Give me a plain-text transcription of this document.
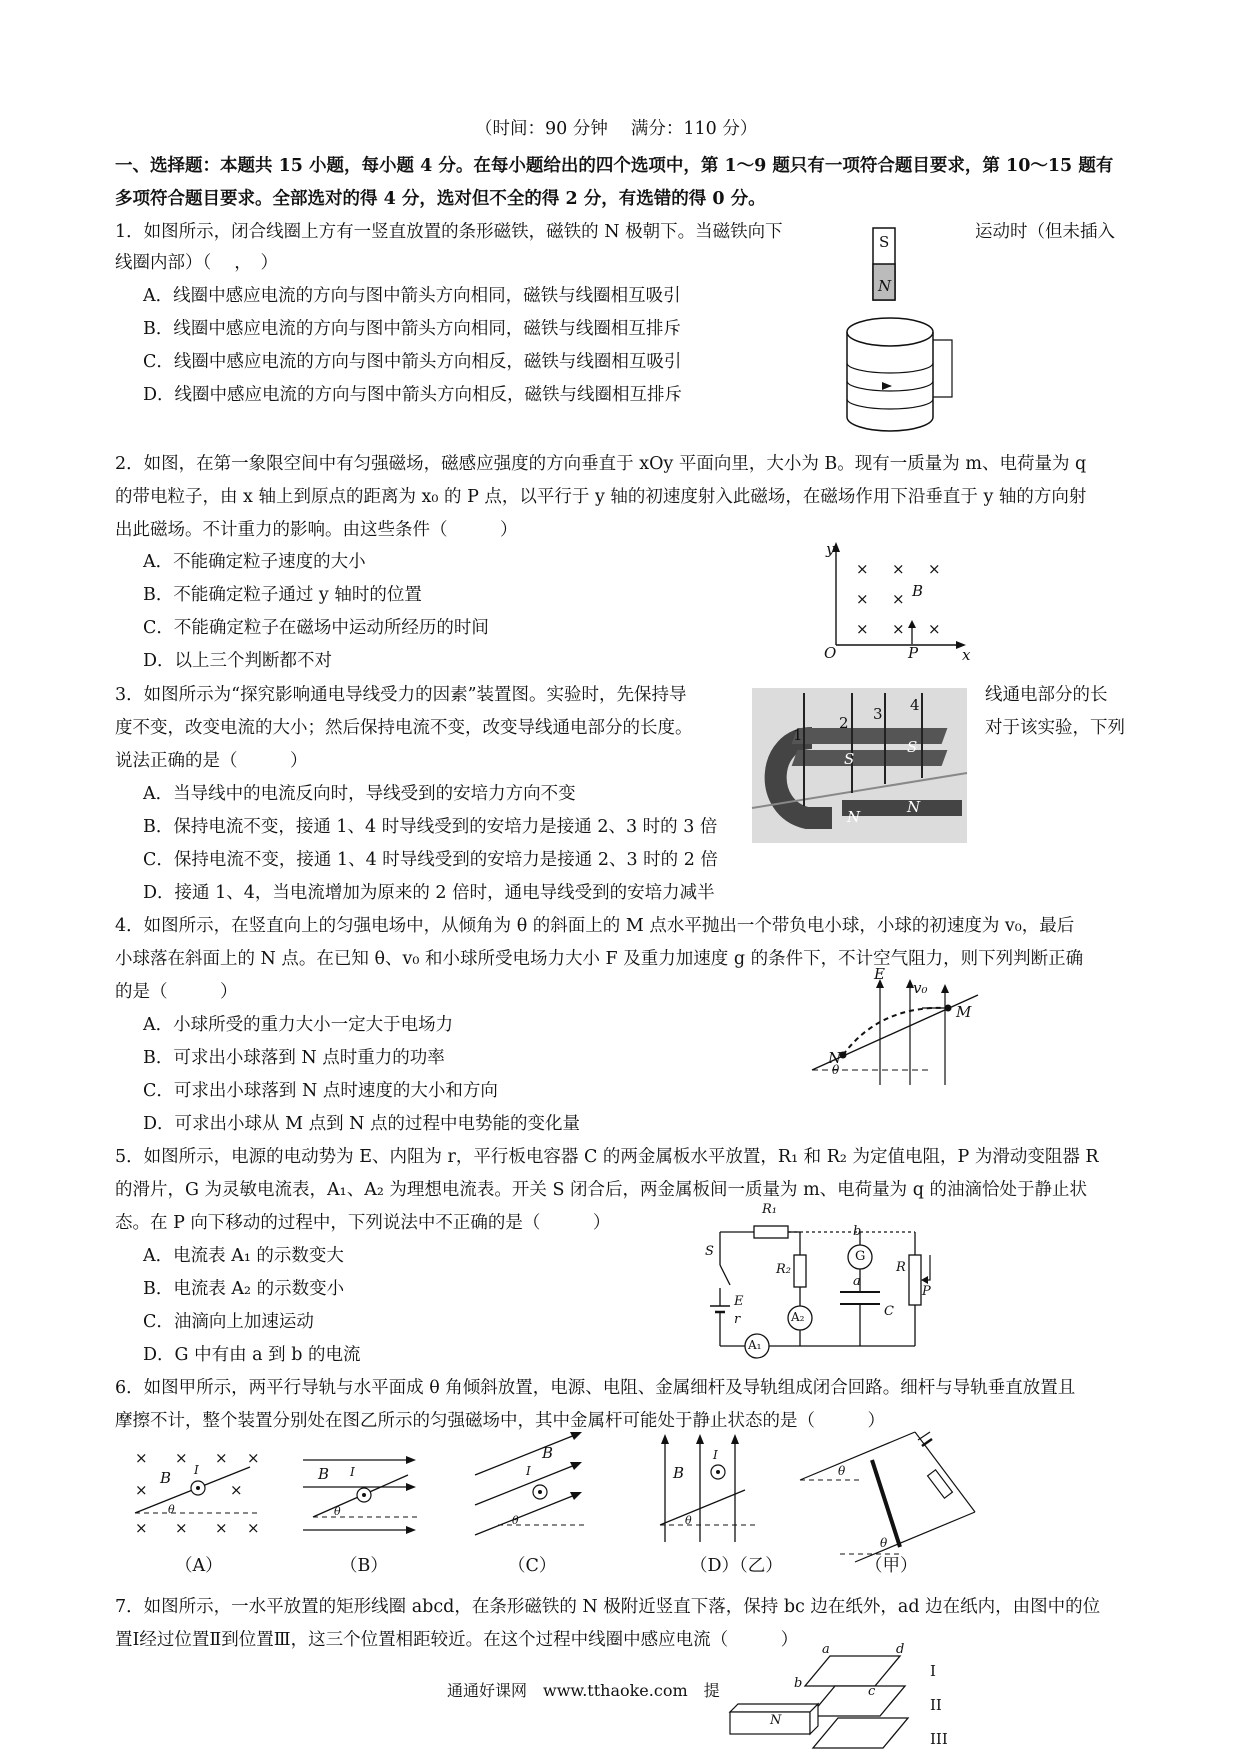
（时间：90 分钟　 满分：110 分）
一、选择题：本题共 15 小题，每小题 4 分。在每小题给出的四个选项中，第 1～9 题只有一项符合题目要求，第 10～15 题有
多项符合题目要求。全部选对的得 4 分，选对但不全的得 2 分，有选错的得 0 分。
1．如图所示，闭合线圈上方有一竖直放置的条形磁铁，磁铁的 N 极朝下。当磁铁向下	运动时（但未插入
线圈内部）（　 ，　）
A．线圈中感应电流的方向与图中箭头方向相同，磁铁与线圈相互吸引
B．线圈中感应电流的方向与图中箭头方向相同，磁铁与线圈相互排斥
C．线圈中感应电流的方向与图中箭头方向相反，磁铁与线圈相互吸引
D．线圈中感应电流的方向与图中箭头方向相反，磁铁与线圈相互排斥
S
N
2．如图，在第一象限空间中有匀强磁场，磁感应强度的方向垂直于 xOy 平面向里，大小为 B。现有一质量为 m、电荷量为 q
的带电粒子，由 x 轴上到原点的距离为 x₀ 的 P 点，以平行于 y 轴的初速度射入此磁场，在磁场作用下沿垂直于 y 轴的方向射
出此磁场。不计重力的影响。由这些条件（　　　）
A．不能确定粒子速度的大小
B．不能确定粒子通过 y 轴时的位置
C．不能确定粒子在磁场中运动所经历的时间
D．以上三个判断都不对
y
x
O	P
B
× × ×
× ×
× × ×
3．如图所示为“探究影响通电导线受力的因素”装置图。实验时，先保持导	线通电部分的长
度不变，改变电流的大小；然后保持电流不变，改变导线通电部分的长度。	对于该实验，下列
说法正确的是（　　　）
A．当导线中的电流反向时，导线受到的安培力方向不变
B．保持电流不变，接通 1、4 时导线受到的安培力是接通 2、3 时的 3 倍
C．保持电流不变，接通 1、4 时导线受到的安培力是接通 2、3 时的 2 倍
D．接通 1、4，当电流增加为原来的 2 倍时，通电导线受到的安培力减半
1
2 3 4
S
S
N
N
4．如图所示，在竖直向上的匀强电场中，从倾角为 θ 的斜面上的 M 点水平抛出一个带负电小球，小球的初速度为 v₀，最后
小球落在斜面上的 N 点。在已知 θ、v₀ 和小球所受电场力大小 F 及重力加速度 g 的条件下，不计空气阻力，则下列判断正确
的是（　　　）
A．小球所受的重力大小一定大于电场力
B．可求出小球落到 N 点时重力的功率
C．可求出小球落到 N 点时速度的大小和方向
D．可求出小球从 M 点到 N 点的过程中电势能的变化量
E
v₀
M
N
θ
5．如图所示，电源的电动势为 E、内阻为 r，平行板电容器 C 的两金属板水平放置，R₁ 和 R₂ 为定值电阻，P 为滑动变阻器 R
的滑片，G 为灵敏电流表，A₁、A₂ 为理想电流表。开关 S 闭合后，两金属板间一质量为 m、电荷量为 q 的油滴恰处于静止状
态。在 P 向下移动的过程中，下列说法中不正确的是（　　　）
A．电流表 A₁ 的示数变大
B．电流表 A₂ 的示数变小
C．油滴向上加速运动
D．G 中有由 a 到 b 的电流
R₁
R₂
G
A₂
A₁
S
E
r
C
R
P
a
b
6．如图甲所示，两平行导轨与水平面成 θ 角倾斜放置，电源、电阻、金属细杆及导轨组成闭合回路。细杆与导轨垂直放置且
摩擦不计，整个装置分别处在图乙所示的匀强磁场中，其中金属杆可能处于静止状态的是（　　　）
× × × ×
×	×
× × × ×
B I
θ
（A）
B I
θ
（B）
B
I
θ
（C）
B
I
θ
（D）（乙）
θ
θ
（甲）
7．如图所示，一水平放置的矩形线圈 abcd，在条形磁铁的 N 极附近竖直下落，保持 bc 边在纸外，ad 边在纸内，由图中的位
置Ⅰ经过位置Ⅱ到位置Ⅲ，这三个位置相距较近。在这个过程中线圈中感应电流（　　　） a
b
c
d
N
I
II
III
通通好课网　www.tthaoke.com　提
